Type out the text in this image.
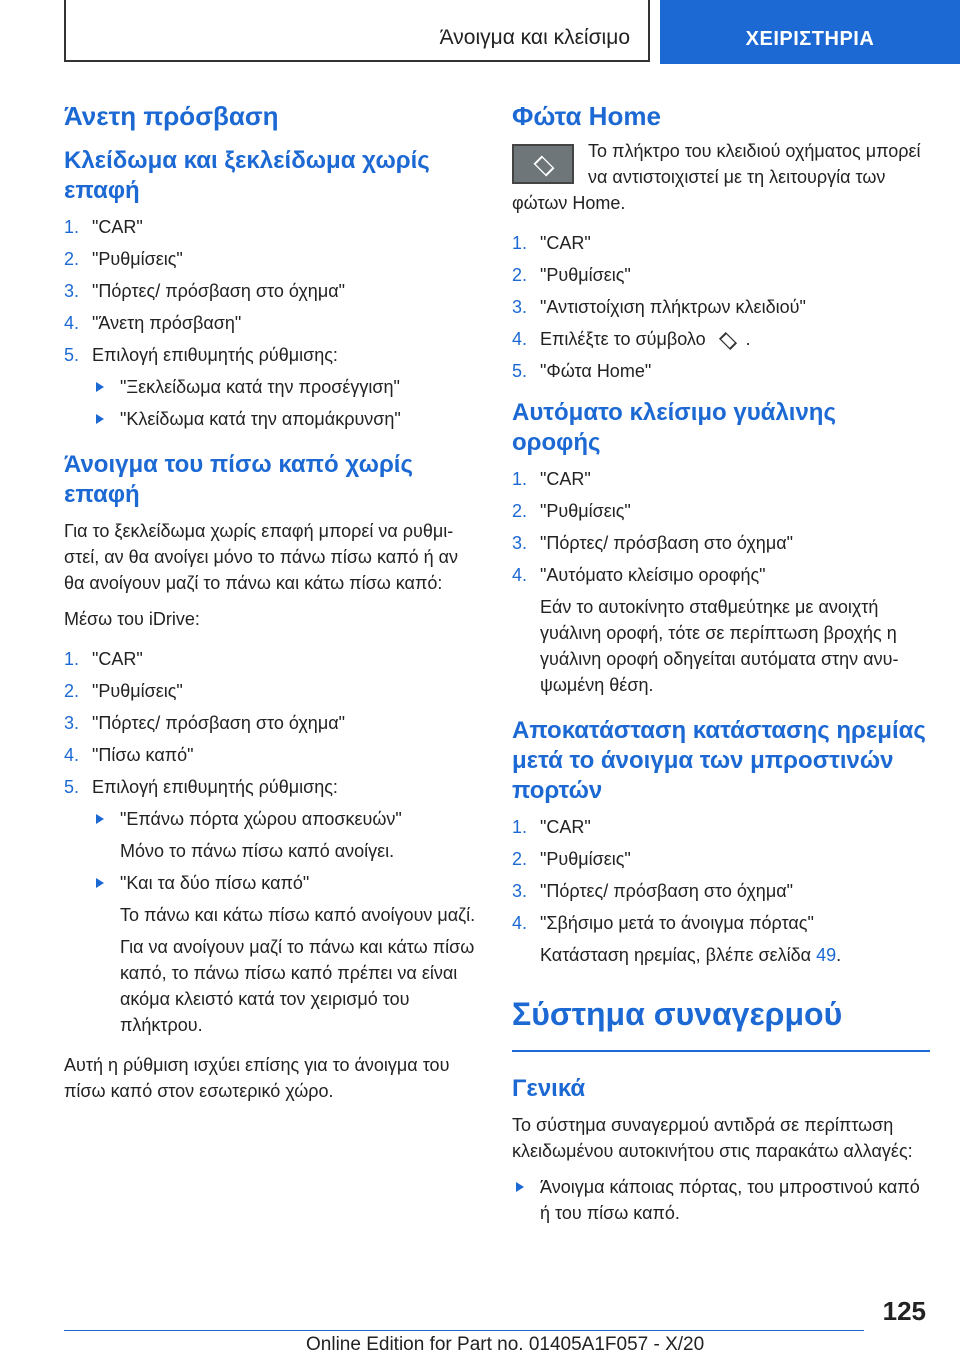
Άνοιγμα και κλείσιμο	ΧΕΙΡΙΣΤΗΡΙΑ
Άνετη πρόσβαση
Κλείδωμα και ξεκλείδωμα χωρίς επαφή
1. "CAR"
2. "Ρυθμίσεις"
3. "Πόρτες/ πρόσβαση στο όχημα"
4. "Άνετη πρόσβαση"
5. Επιλογή επιθυμητής ρύθμισης:
"Ξεκλείδωμα κατά την προσέγγιση"
"Κλείδωμα κατά την απομάκρυνση"
Άνοιγμα του πίσω καπό χωρίς επαφή

Για το ξεκλείδωμα χωρίς επαφή μπορεί να ρυθμιστεί, αν θα ανοίγει μόνο το πάνω πίσω καπό ή αν θα ανοίγουν μαζί το πάνω και κάτω πίσω καπό:

Μέσω του iDrive:

1. "CAR"
2. "Ρυθμίσεις"
3. "Πόρτες/ πρόσβαση στο όχημα"
4. "Πίσω καπό"
5. Επιλογή επιθυμητής ρύθμισης:
"Επάνω πόρτα χώρου αποσκευών"
Μόνο το πάνω πίσω καπό ανοίγει.
"Και τα δύο πίσω καπό"
Το πάνω και κάτω πίσω καπό ανοίγουν μαζί.
Για να ανοίγουν μαζί το πάνω και κάτω πίσω καπό, το πάνω πίσω καπό πρέπει να είναι ακόμα κλειστό κατά τον χειρισμό του πλήκτρου.

Αυτή η ρύθμιση ισχύει επίσης για το άνοιγμα του πίσω καπό στον εσωτερικό χώρο.

Φώτα Home

Το πλήκτρο του κλειδιού οχήματος μπορεί να αντιστοιχιστεί με τη λειτουργία των φώτων Home.

1. "CAR"
2. "Ρυθμίσεις"
3. "Αντιστοίχιση πλήκτρων κλειδιού"
4. Επιλέξτε το σύμβολο .
5. "Φώτα Home"
Αυτόματο κλείσιμο γυάλινης οροφής
1. "CAR"
2. "Ρυθμίσεις"
3. "Πόρτες/ πρόσβαση στο όχημα"
4. "Αυτόματο κλείσιμο οροφής"
Εάν το αυτοκίνητο σταθμεύτηκε με ανοιχτή γυάλινη οροφή, τότε σε περίπτωση βροχής η γυάλινη οροφή οδηγείται αυτόματα στην ανυψωμένη θέση.
Αποκατάσταση κατάστασης ηρεμίας μετά το άνοιγμα των μπροστινών πορτών
1. "CAR"
2. "Ρυθμίσεις"
3. "Πόρτες/ πρόσβαση στο όχημα"
4. "Σβήσιμο μετά το άνοιγμα πόρτας"
Κατάσταση ηρεμίας, βλέπε σελίδα 49.
Σύστημα συναγερμού
Γενικά

Το σύστημα συναγερμού αντιδρά σε περίπτωση κλειδωμένου αυτοκινήτου στις παρακάτω αλλαγές:

Άνοιγμα κάποιας πόρτας, του μπροστινού καπό ή του πίσω καπό.
125
Online Edition for Part no. 01405A1F057 - X/20
